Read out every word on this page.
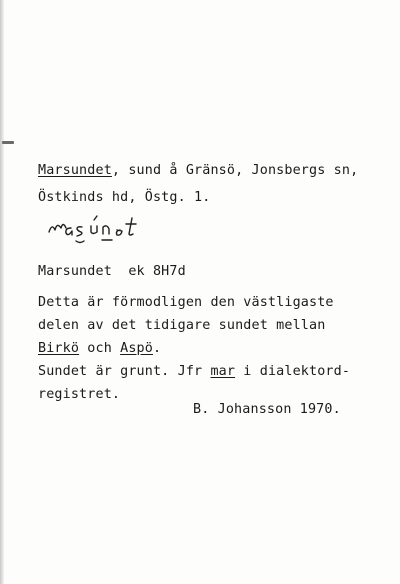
Marsundet, sund å Gränsö, Jonsbergs sn,
Östkinds hd, Östg. 1.
Marsundet  ek 8H7d
Detta är förmodligen den västligaste
delen av det tidigare sundet mellan
Birkö och Aspö.
Sundet är grunt. Jfr mar i dialektord-
registret.
B. Johansson 1970.
